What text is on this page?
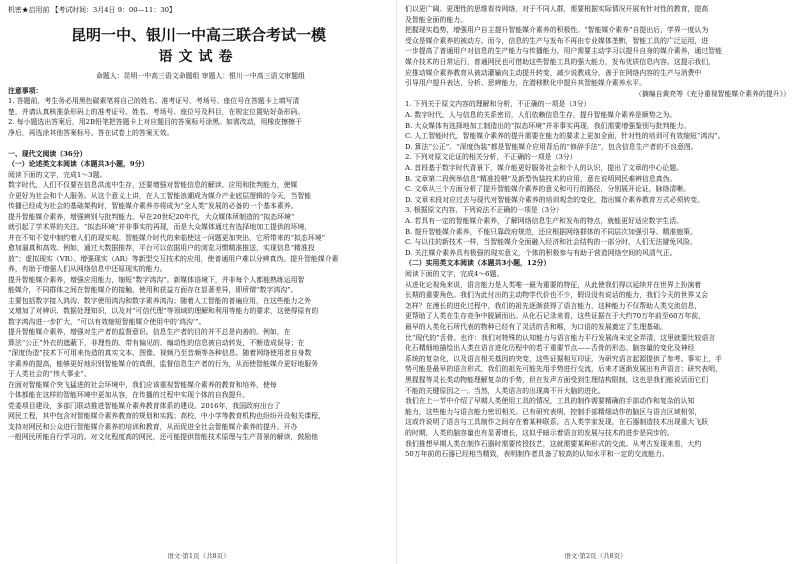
机密★启用前 【考试时间：3月4日 9：00—11：30】
昆明一中、银川一中高三联合考试一模
语文试卷
命题人：昆明一中高三语文命题组 审题人：银川一中高三语文审题组
注意事项：
1. 答题前，考生务必用黑色碳素笔将自己的姓名、准考证号、考场号、座位号在答题卡上填写清
楚，并请认真核准条形码上的准考证号、姓名、考场号、座位号及科目，在规定位置贴好条形码。
2. 每小题选出答案后，用2B铅笔把答题卡上对应题目的答案标号涂黑。如需改动，用橡皮擦擦干
净后，再选涂其他答案标号。答在试卷上的答案无效。
一、现代文阅读（36分）
（一）论述类文本阅读（本题共3小题，9分）
阅读下面的文字，完成1～3题。
数字时代，人们不仅要在信息洪流中生存，还要增强对智能信息的解读、应用和批判能力，使媒
介更好为社会和个人服务。从这个意义上讲，在人工智能浪潮成为媒介产业底层逻辑的今天，当智能
传播已经成为社会的基础架构时，智能媒介素养亦将成为“全人类”发展的必备的一个基本素养。
提升智能媒介素养，增强辨别与批判能力。早在20世纪20年代，大众媒体所制造的“拟态环境”
就引起了学术界的关注。“拟态环境”并非事实的再现，而是大众媒体通过有选择地加工提供的环境，
并在不知不觉中制约着人们的现实观。智能媒介时代的来临使这一问题更加突出，它所带来的“拟态环境”
愈加逼真和高效。例如，通过大数据推荐，平台可以依据用户的浏览习惯精准推送，实现信息“精准投
放”；虚拟现实（VR）、增强现实（AR）等新型交互技术的应用，使普通用户难以分辨真伪。提升智能媒介素
养，有助于增强人们从网络信息中还原现实的能力。
提升智能媒介素养，增强应用能力，缩短“数字鸿沟”。新媒体语境下，并非每个人都能熟练运用智
能媒介，不同群体之间在智能媒介的接触、使用和获益方面存在显著差异，即所谓“数字鸿沟”。
主要包括数字接入鸿沟、数字使用鸿沟和数字素养鸿沟；随着人工智能的普遍应用，在这些能力之外
又增加了对辨识、数据处理知识，以及对“可信代理”等领域的理解和利用等能力的要求，这使得原有的
数字鸿沟进一步扩大，“可以有效缩短智能媒介使用中的‘鸿沟’”。
提升智能媒介素养，增强对生产者的监督意识。信息生产者的目的并不总是向善的。例如，在
算法“公正”外衣的遮蔽下，非理性的、带有偏见的、煽动性的信息被自动转发，不断造成误导；在
“深度伪造”技术下可用来伪造的真实文本、图像、视频乃至音频等各种信息。随着网络使用者自身数
字素养的提高，能够更好地识别智能媒介的真假，监督信息生产者的行为，从而使智能媒介更好地服务
于人类社会的“伟大事业”。
在面对智能媒介突飞猛进的社会环境中，我们应该重视智能媒介素养的教育和培养，使每
个体都能在这样的智能环境中更加从容，在传播的过程中实现个体的自我提升。
党委项目建设，多部门联动推进智能媒介素养教育体系的建设。2016年，我国政府出台了
网民工程，其中包含对智能媒介素养教育的规划和实践；高校、中小学等教育机构也纷纷开设相关课程，
支持对网民和公众进行智能媒介素养的培训和教育，从而促进全社会智能媒介素养的提升。开办
一般网民所能自行学习的。对文化程度高的网民，还可能提供智能技术原理与生产背景的解读，鼓励他
语文·第1页（共8页）
们以更广阔、更理性的思维看待网络，对于不同人群，需要根据实际情况开展有针对性的教育，提高
及智能全面的能力。
把握现实趋势，增强用户自主提升智能媒介素养的积极性。“智能媒介素养”自提出后，学界一度认为
受众是媒介素养的被动方。而今，信息的生产与发布不再由专业媒体垄断，智能工具的广泛运用，进
一步提高了普通用户对信息的生产能力与传播能力，用户需要主动学习以提升自身的媒介素养，通过智能
媒介技术的日常运行，普通网民也可借助这些智能工具的强大能力，发布优质信息内容。这提示我们，
应推动媒介素养教育从被动灌输向主动提升转变，减少说教成分，善于在网络内容的生产与消费中
引导用户提升表达、分析、思辨能力，在潜移默化中提升其智能媒介素养水平。
（摘编自黄亮等《充分重视智能媒介素养的提升》）
1. 下列关于原文内容的理解和分析，不正确的一项是（3分）
A. 数字时代，人与信息的关系密切，人们依赖信息生存，提升智能媒介素养是顺势之为。
B. 大众媒体有选择地加工制造出的“拟态环境”并非事实再现，我们需要增强鉴别与批判能力。
C. 人工智能时代，智能媒介素养的提升需要在能力的要求上更加全面，针对性的培训可有效缩短“鸿沟”。
D. 算法“公正”、“深度伪装”都是智能媒介应用背后的“修辞手法”，包含信息生产者的不良意图。
2. 下列对原文论证的相关分析，不正确的一项是（3分）
A. 首段基于数字时代背景下，媒介能更好服务社会和个人的认识，提出了文章的中心论题。
B. 文章第二段例举信息“精准投喂”及新型伪装技术的应用，意在说明网民难辨信息真伪。
C. 文章从三个方面分析了提升智能媒介素养的意义和可行的路径，分别展开论证，脉络清晰。
D. 文章末段对应过去与现代对智能媒介素养的培训观念的变化，指出媒介素养教育方式必须转变。
3. 根据原文内容，下列说法不正确的一项是（3分）
A. 若具有一定的智能媒介素养，了解网络信息生产和发布的特点，就能更好适应数字生活。
B. 提升智能媒介素养，不能只靠政府规范，还应根据网络群体的不同层次加强引导、精准施策。
C. 与以往的新技术一样，当智能媒介全面融入经济和社会结构的一部分时，人们无法避免风险。
D. 关注媒介素养具有极强的现实意义，个体的积极参与有助于营造网络空间的风清气正。
（二）实用类文本阅读（本题共3小题，12分）
阅读下面的文字，完成4～6题。
从进化论视角来说，语言能力是人类唯一最为重要的特征，从此使我们得以延续并在世界上扮演着
长期的重要角色。我们为此付出的主动物学代价也不少，假设没有说话的能力，我们今天的世界又会
怎样？在漫长的进化过程中，我们的祖先逐渐获得了语言能力，这种能力不仅帮助人类交流信息，
更帮助了人类在生存竞争中脱颖而出。从化石记录来看，这些证据在于大约70万年前至60万年前，
最早的人类化石所代表的物种已经有了灵活的舌和喉，为口语的发展奠定了生理基础。
比“现代的”舌骨。也许：我们对特殊的认知能力与语言能力平行发展尚未完全弄清，这里就要比较语言
化石精细地描绘出人类在语言进化历程中的若干重要节点——舌骨的形态、脑容量的变化及神经
系统的复杂化，以及语言相关基因的突变，这些证据相互印证，为研究语言起源提供了参考。事实上，手
势可能是最早的语言形式，我们的祖先可能先用手势进行交流，后来才逐渐发展出有声语言；研究表明，
黑猩猩等灵长类动物能理解复杂的手势，但在发声方面受到生理结构限制，这也是我们能说话而它们
不能的关键原因之一。当然，人类语言的出现离不开大脑的进化。
我们在上一节中介绍了早期人类使用工具的情况，工具的制作需要精确的手部动作和复杂的认知
能力，这些能力与语言能力密切相关。已有研究表明，控制手部精细动作的脑区与语言区域相邻，
这或许说明了语言与工具制作之间存在着某种联系。古人类学家发现，在石器制造技术出现重大飞跃
的时期，人类的脑容量也有显著增长，这似乎暗示着语言的发展与技术的进步是同步的。
我们推想早期人类在制作石器时需要传授技艺，这就需要某种形式的交流。从考古发现来看，大约
50万年前的石器已经相当精致，表明制作者具备了较高的认知水平和一定的交流能力。
语文·第2页（共8页）
